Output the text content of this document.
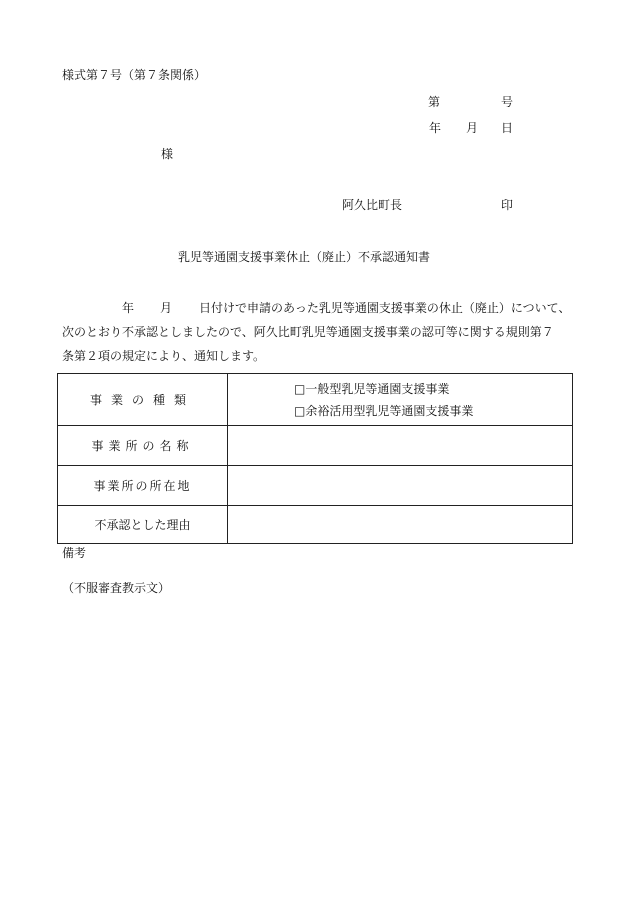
様式第７号（第７条関係）
第	号
年 月 日
様
阿久比町長	印
乳児等通園支援事業休止（廃止）不承認通知書
年 月 日付けで申請のあった乳児等通園支援事業の休止（廃止）について、
次のとおり不承認としましたので、阿久比町乳児等通園支援事業の認可等に関する規則第７
条第２項の規定により、通知します。
事業の種類	□一般型乳児等通園支援事業
□余裕活用型乳児等通園支援事業

事業所の名称	
事業所の所在地	
不承認とした理由	
備考
（不服審査教示文）
